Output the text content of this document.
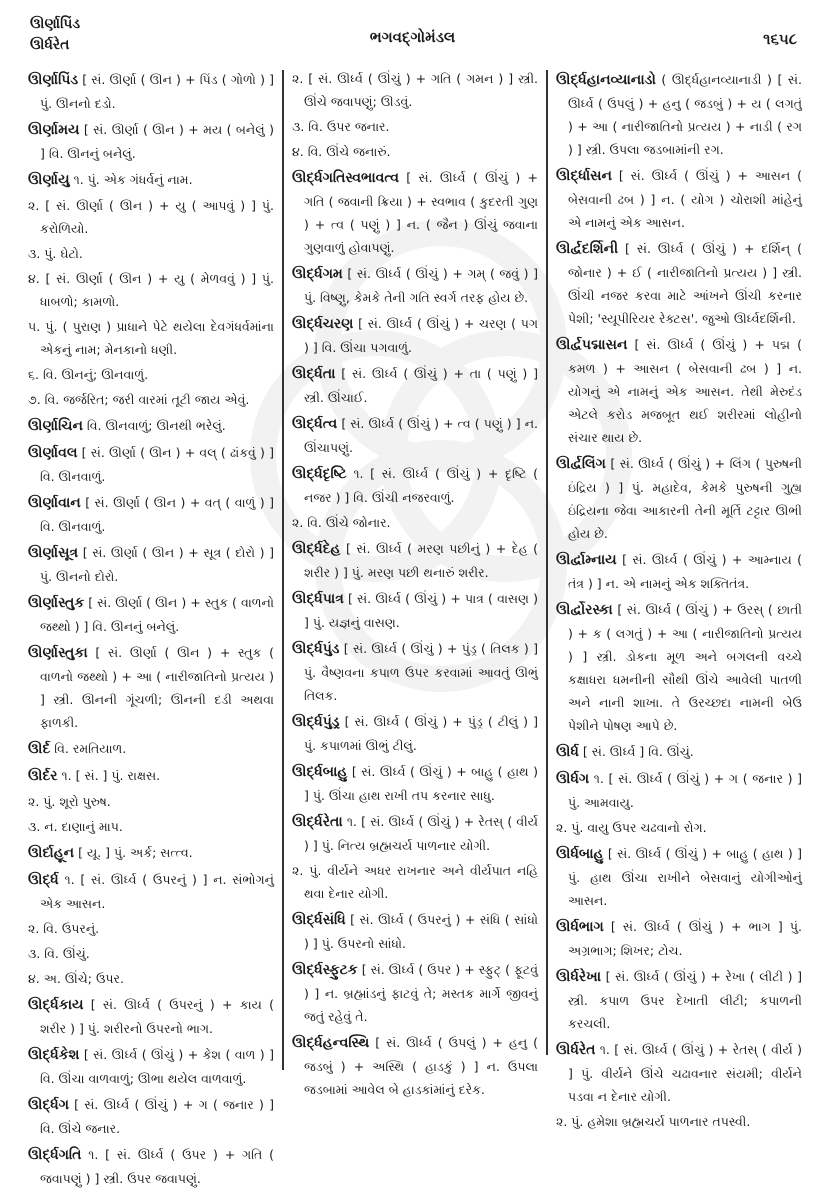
ઊર્ણાપિંડ
ઊર્ધરેત	ભગવદ્ગોમંડલ	૧૬૫૮
ઊર્ણાપિંડ [ સં. ઊર્ણા ( ઊન ) + પિંડ ( ગોળો ) ] પું. ઊનનો દડો.
ઊર્ણામય [ સં. ઊર્ણા ( ઊન ) + મય ( બનેલું ) ] વિ. ઊનનું બનેલું.
ઊર્ણાયુ ૧. પું. એક ગંધર્વનું નામ.
૨. [ સં. ઊર્ણા ( ઊન ) + યુ ( આપવું ) ] પું. કરોળિયો.
૩. પું. ઘેટો.
૪. [ સં. ઊર્ણા ( ઊન ) + યુ ( મેળવવું ) ] પું. ધાબળો; કામળો.
૫. પું. ( પુરાણ ) પ્રાધાને પેટે થયેલા દેવગંધર્વમાંના એકનું નામ; મેનકાનો ધણી.
૬. વિ. ઊનનું; ઊનવાળું.
૭. વિ. જર્જરિત; જરી વારમાં તૂટી જાય એવું.
ઊર્ણાચિન વિ. ઊનવાળું; ઊનથી ભરેલું.
ઊર્ણાવલ [ સં. ઊર્ણા ( ઊન ) + વલ્ ( ઢાંકવું ) ] વિ. ઊનવાળું.
ઊર્ણાવાન [ સં. ઊર્ણા ( ઊન ) + વત્ ( વાળું ) ] વિ. ઊનવાળું.
ઊર્ણાસૂત્ર [ સં. ઊર્ણા ( ઊન ) + સૂત્ર ( દોરો ) ] પું. ઊનનો દોરો.
ઊર્ણાસ્તુક [ સં. ઊર્ણા ( ઊન ) + સ્તુક ( વાળનો જથ્થો ) ] વિ. ઊનનું બનેલું.
ઊર્ણાસ્તુકા [ સં. ઊર્ણા ( ઊન ) + સ્તુક ( વાળનો જથ્થો ) + આ ( નારીજાતિનો પ્રત્યય ) ] સ્ત્રી. ઊનની ગૂંચળી; ઊનની દડી અથવા ફાળકી.
ઊર્દ વિ. રમતિયાળ.
ઊર્દર ૧. [ સં. ] પું. રાક્ષસ.
૨. પું. શૂરો પુરુષ.
૩. ન. દાણાનું માપ.
ઊર્દાહૂન [ યૂ. ] પું. અર્ક; સત્ત્વ.
ઊર્દ્ધ ૧. [ સં. ઊર્ધ્વ ( ઉપરનું ) ] ન. સંભોગનું એક આસન.
૨. વિ. ઉપરનું.
૩. વિ. ઊંચું.
૪. અ. ઊંચે; ઉપર.
ઊર્દ્ધકાય [ સં. ઊર્ધ્વ ( ઉપરનું ) + કાય ( શરીર ) ] પું. શરીરનો ઉપરનો ભાગ.
ઊર્દ્ધકેશ [ સં. ઊર્ધ્વ ( ઊંચું ) + કેશ ( વાળ ) ] વિ. ઊંચા વાળવાળું; ઊભા થયેલ વાળવાળું.
ઊર્દ્ધગ [ સં. ઊર્ધ્વ ( ઊંચું ) + ગ ( જનાર ) ] વિ. ઊંચે જનાર.
ઊર્દ્ધગતિ ૧. [ સં. ઊર્ધ્વ ( ઉપર ) + ગતિ ( જવાપણું ) ] સ્ત્રી. ઉપર જવાપણું.
૨. [ સં. ઊર્ધ્વ ( ઊંચું ) + ગતિ ( ગમન ) ] સ્ત્રી. ઊંચે જવાપણું; ઊડવું.
૩. વિ. ઉપર જનાર.
૪. વિ. ઊંચે જનારું.
ઊર્દ્ધગતિસ્વભાવત્વ [ સં. ઊર્ધ્વ ( ઊંચું ) + ગતિ ( જવાની ક્રિયા ) + સ્વભાવ ( કુદરતી ગુણ ) + ત્વ ( પણું ) ] ન. ( જૈન ) ઊંચું જવાના ગુણવાળું હોવાપણું.
ઊર્દ્ધગમ [ સં. ઊર્ધ્વ ( ઊંચું ) + ગમ્ ( જવું ) ] પું. વિષ્ણુ, કેમકે તેની ગતિ સ્વર્ગ તરફ હોય છે.
ઊર્દ્ધચરણ [ સં. ઊર્ધ્વ ( ઊંચું ) + ચરણ ( પગ ) ] વિ. ઊંચા પગવાળું.
ઊર્દ્ધતા [ સં. ઊર્ધ્વ ( ઊંચું ) + તા ( પણું ) ] સ્ત્રી. ઊંચાઈ.
ઊર્દ્ધત્વ [ સં. ઊર્ધ્વ ( ઊંચું ) + ત્વ ( પણું ) ] ન. ઊંચાપણું.
ઊર્દ્ધદૃષ્ટિ ૧. [ સં. ઊર્ધ્વ ( ઊંચું ) + દૃષ્ટિ ( નજર ) ] વિ. ઊંચી નજરવાળું.
૨. વિ. ઊંચે જોનાર.
ઊર્દ્ધદેહ [ સં. ઊર્ધ્વ ( મરણ પછીનું ) + દેહ ( શરીર ) ] પું. મરણ પછી થનારું શરીર.
ઊર્દ્ધપાત્ર [ સં. ઊર્ધ્વ ( ઊંચું ) + પાત્ર ( વાસણ ) ] પું. યજ્ઞનું વાસણ.
ઊર્દ્ધપુંડ [ સં. ઊર્ધ્વ ( ઊંચું ) + પુંડ્ર ( તિલક ) ] પું. વૈષ્ણવના કપાળ ઉપર કરવામાં આવતું ઊભું તિલક.
ઊર્દ્ધપુંડ્ર [ સં. ઊર્ધ્વ ( ઊંચું ) + પુંડ્ર ( ટીલું ) ] પું. કપાળમાં ઊભું ટીલું.
ઊર્દ્ધબાહુ [ સં. ઊર્ધ્વ ( ઊંચું ) + બાહુ ( હાથ ) ] પું. ઊંચા હાથ રાખી તપ કરનાર સાધુ.
ઊર્દ્ધરેતા ૧. [ સં. ઊર્ધ્વ ( ઊંચું ) + રેતસ્ ( વીર્ય ) ] પું. નિત્ય બ્રહ્મચર્ય પાળનાર યોગી.
૨. પું. વીર્યને અધર રાખનાર અને વીર્યપાત નહિ થવા દેનાર યોગી.
ઊર્દ્ધસંધિ [ સં. ઊર્ધ્વ ( ઉપરનું ) + સંધિ ( સાંધો ) ] પું. ઉપરનો સાંધો.
ઊર્દ્ધસ્ફુટક [ સં. ઊર્ધ્વ ( ઉપર ) + સ્ફુટ્ ( ફૂટવું ) ] ન. બ્રહ્માંડનું ફાટવું તે; મસ્તક માર્ગે જીવનું જતું રહેવું તે.
ઊર્દ્ધહન્વસ્થિ [ સં. ઊર્ધ્વ ( ઉપલું ) + હનુ ( જડબું ) + અસ્થિ ( હાડકું ) ] ન. ઉપલા જડબામાં આવેલ બે હાડકાંમાંનું દરેક.
ઊર્દ્ધહાનવ્યાનાડો ( ઊર્દ્ધહાનવ્યાનાડી ) [ સં. ઊર્ધ્વ ( ઉપલું ) + હનુ ( જડબું ) + ય ( લગતું ) + આ ( નારીજાતિનો પ્રત્યય ) + નાડી ( રગ ) ] સ્ત્રી. ઉપલા જડબામાંની રગ.
ઊર્દ્ધાસન [ સં. ઊર્ધ્વ ( ઊંચું ) + આસન ( બેસવાની ઢબ ) ] ન. ( યોગ ) ચોરાશી માંહેનું એ નામનું એક આસન.
ઊર્દ્વદર્શિની [ સં. ઊર્ધ્વ ( ઊંચું ) + દર્શિન્ ( જોનાર ) + ઈ ( નારીજાતિનો પ્રત્યય ) ] સ્ત્રી. ઊંચી નજર કરવા માટે આંખને ઊંચી કરનાર પેશી; 'સ્યૂપીરિયર રેક્ટસ'. જુઓ ઊર્ધ્વદર્શિની.
ઊર્દ્વપદ્માસન [ સં. ઊર્ધ્વ ( ઊંચું ) + પદ્મ ( કમળ ) + આસન ( બેસવાની ઢબ ) ] ન. યોગનું એ નામનું એક આસન. તેથી મેરુદંડ એટલે કરોડ મજબૂત થઈ શરીરમાં લોહીનો સંચાર થાય છે.
ઊર્દ્વલિંગ [ સં. ઊર્ધ્વ ( ઊંચું ) + લિંગ ( પુરુષની ઇંદ્રિય ) ] પું. મહાદેવ, કેમકે પુરુષની ગુહ્ય ઇંદ્રિયના જેવા આકારની તેની મૂર્તિ ટટ્ટાર ઊભી હોય છે.
ઊર્દ્વામ્નાય [ સં. ઊર્ધ્વ ( ઊંચું ) + આમ્નાય ( તંત્ર ) ] ન. એ નામનું એક શક્તિતંત્ર.
ઊર્દ્વોરસ્કા [ સં. ઊર્ધ્વ ( ઊંચું ) + ઉરસ્ ( છાતી ) + ક ( લગતું ) + આ ( નારીજાતિનો પ્રત્યય ) ] સ્ત્રી. ડોકના મૂળ અને બગલની વચ્ચે કક્ષાધરા ધમનીની સૌથી ઊંચે આવેલી પાતળી અને નાની શાખા. તે ઉરચ્છદા નામની બેઉ પેશીને પોષણ આપે છે.
ઊર્ધ [ સં. ઊર્ધ્વ ] વિ. ઊંચું.
ઊર્ધગ ૧. [ સં. ઊર્ધ્વ ( ઊંચું ) + ગ ( જનાર ) ] પું. આમવાયુ.
૨. પું. વાયુ ઉપર ચઢવાનો રોગ.
ઊર્ધબાહુ [ સં. ઊર્ધ્વ ( ઊંચું ) + બાહુ ( હાથ ) ] પું. હાથ ઊંચા રાખીને બેસવાનું યોગીઓનું આસન.
ઊર્ધભાગ [ સં. ઊર્ધ્વ ( ઊંચું ) + ભાગ ] પું. અગ્રભાગ; શિખર; ટોચ.
ઊર્ધરેખા [ સં. ઊર્ધ્વ ( ઊંચું ) + રેખા ( લીટી ) ] સ્ત્રી. કપાળ ઉપર દેખાતી લીટી; કપાળની કરચલી.
ઊર્ધરેત ૧. [ સં. ઊર્ધ્વ ( ઊંચું ) + રેતસ્ ( વીર્ય ) ] પું. વીર્યને ઊંચે ચઢાવનાર સંયમી; વીર્યને પડવા ન દેનાર યોગી.
૨. પું. હમેશા બ્રહ્મચર્ય પાળનાર તપસ્વી.
